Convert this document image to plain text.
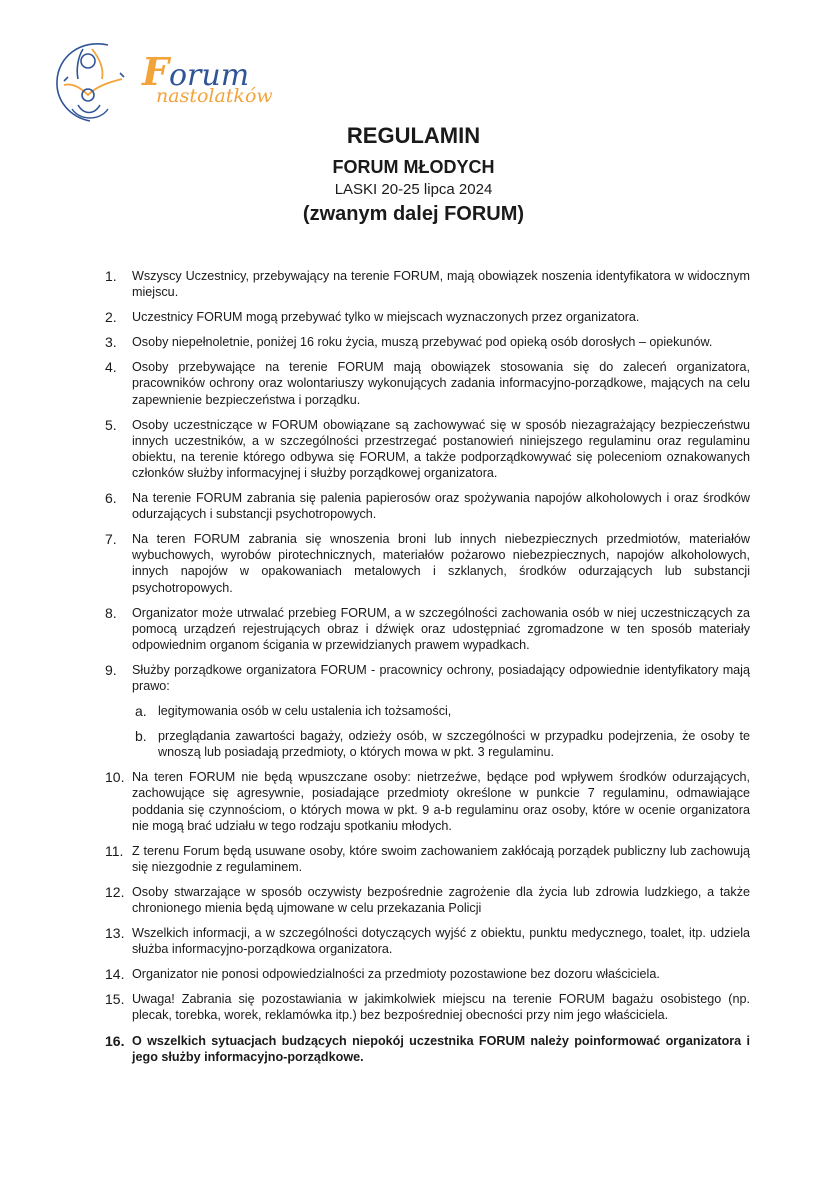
Forum
nastolatków

REGULAMIN

FORUM MŁODYCH

LASKI 20-25 lipca 2024

(zwanym dalej FORUM)

1. Wszyscy Uczestnicy, przebywający na terenie FORUM, mają obowiązek noszenia identyfikatora w widocznym miejscu.
2. Uczestnicy FORUM mogą przebywać tylko w miejscach wyznaczonych przez organizatora.
3. Osoby niepełnoletnie, poniżej 16 roku życia, muszą przebywać pod opieką osób dorosłych – opiekunów.
4. Osoby przebywające na terenie FORUM mają obowiązek stosowania się do zaleceń organizatora, pracowników ochrony oraz wolontariuszy wykonujących zadania informacyjno-porządkowe, mających na celu zapewnienie bezpieczeństwa i porządku.
5. Osoby uczestniczące w FORUM obowiązane są zachowywać się w sposób niezagrażający bezpieczeństwu innych uczestników, a w szczególności przestrzegać postanowień niniejszego regulaminu oraz regulaminu obiektu, na terenie którego odbywa się FORUM, a także podporządkowywać się poleceniom oznakowanych członków służby informacyjnej i służby porządkowej organizatora.
6. Na terenie FORUM zabrania się palenia papierosów oraz spożywania napojów alkoholowych i oraz środków odurzających i substancji psychotropowych.
7. Na teren FORUM zabrania się wnoszenia broni lub innych niebezpiecznych przedmiotów, materiałów wybuchowych, wyrobów pirotechnicznych, materiałów pożarowo niebezpiecznych, napojów alkoholowych, innych napojów w opakowaniach metalowych i szklanych, środków odurzających lub substancji psychotropowych.
8. Organizator może utrwalać przebieg FORUM, a w szczególności zachowania osób w niej uczestniczących za pomocą urządzeń rejestrujących obraz i dźwięk oraz udostępniać zgromadzone w ten sposób materiały odpowiednim organom ścigania w przewidzianych prawem wypadkach.
9. Służby porządkowe organizatora FORUM - pracownicy ochrony, posiadający odpowiednie identyfikatory mają prawo:
a. legitymowania osób w celu ustalenia ich tożsamości,
b. przeglądania zawartości bagaży, odzieży osób, w szczególności w przypadku podejrzenia, że osoby te wnoszą lub posiadają przedmioty, o których mowa w pkt. 3 regulaminu.
10. Na teren FORUM nie będą wpuszczane osoby: nietrzeźwe, będące pod wpływem środków odurzających, zachowujące się agresywnie, posiadające przedmioty określone w punkcie 7 regulaminu, odmawiające poddania się czynnościom, o których mowa w pkt. 9 a-b regulaminu oraz osoby, które w ocenie organizatora nie mogą brać udziału w tego rodzaju spotkaniu młodych.
11. Z terenu Forum będą usuwane osoby, które swoim zachowaniem zakłócają porządek publiczny lub zachowują się niezgodnie z regulaminem.
12. Osoby stwarzające w sposób oczywisty bezpośrednie zagrożenie dla życia lub zdrowia ludzkiego, a także chronionego mienia będą ujmowane w celu przekazania Policji
13. Wszelkich informacji, a w szczególności dotyczących wyjść z obiektu, punktu medycznego, toalet, itp. udziela służba informacyjno-porządkowa organizatora.
14. Organizator nie ponosi odpowiedzialności za przedmioty pozostawione bez dozoru właściciela.
15. Uwaga! Zabrania się pozostawiania w jakimkolwiek miejscu na terenie FORUM bagażu osobistego (np. plecak, torebka, worek, reklamówka itp.) bez bezpośredniej obecności przy nim jego właściciela.
16. O wszelkich sytuacjach budzących niepokój uczestnika FORUM należy poinformować organizatora i jego służby informacyjno-porządkowe.
